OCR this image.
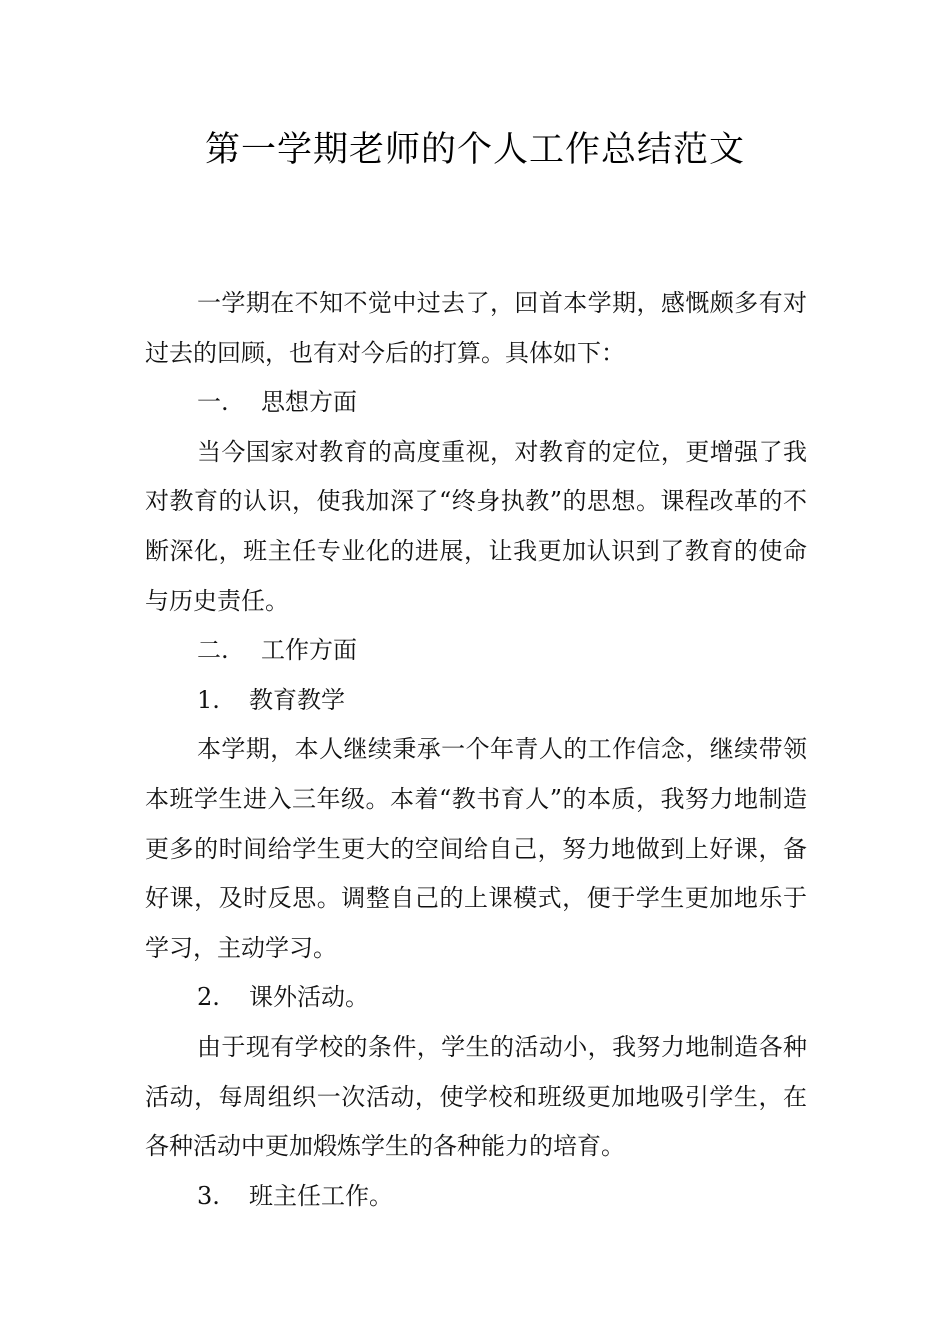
第一学期老师的个人工作总结范文

一学期在不知不觉中过去了，回首本学期，感慨颇多有对过去的回顾，也有对今后的打算。具体如下：

一. 思想方面

当今国家对教育的高度重视，对教育的定位，更增强了我对教育的认识，使我加深了“终身执教”的思想。课程改革的不断深化，班主任专业化的进展，让我更加认识到了教育的使命与历史责任。

二. 工作方面

1. 教育教学

本学期，本人继续秉承一个年青人的工作信念，继续带领本班学生进入三年级。本着“教书育人”的本质，我努力地制造更多的时间给学生更大的空间给自己，努力地做到上好课，备好课，及时反思。调整自己的上课模式，便于学生更加地乐于学习，主动学习。

2. 课外活动。

由于现有学校的条件，学生的活动小，我努力地制造各种活动，每周组织一次活动，使学校和班级更加地吸引学生，在各种活动中更加煅炼学生的各种能力的培育。

3. 班主任工作。
